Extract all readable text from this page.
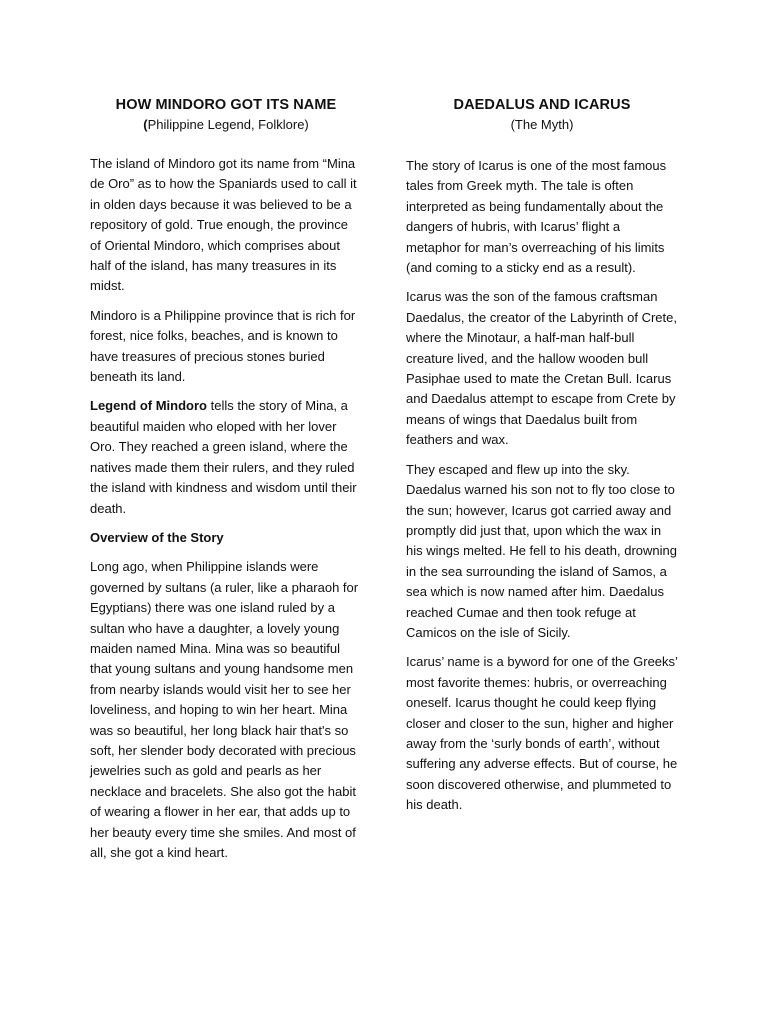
HOW MINDORO GOT ITS NAME

(Philippine Legend, Folklore)

The island of Mindoro got its name from “Mina de Oro” as to how the Spaniards used to call it in olden days because it was believed to be a repository of gold. True enough, the province of Oriental Mindoro, which comprises about half of the island, has many treasures in its midst.

Mindoro is a Philippine province that is rich for forest, nice folks, beaches, and is known to have treasures of precious stones buried beneath its land.

Legend of Mindoro tells the story of Mina, a beautiful maiden who eloped with her lover Oro. They reached a green island, where the natives made them their rulers, and they ruled the island with kindness and wisdom until their death.

Overview of the Story

Long ago, when Philippine islands were governed by sultans (a ruler, like a pharaoh for Egyptians) there was one island ruled by a sultan who have a daughter, a lovely young maiden named Mina. Mina was so beautiful that young sultans and young handsome men from nearby islands would visit her to see her loveliness, and hoping to win her heart. Mina was so beautiful, her long black hair that's so soft, her slender body decorated with precious jewelries such as gold and pearls as her necklace and bracelets. She also got the habit of wearing a flower in her ear, that adds up to her beauty every time she smiles. And most of all, she got a kind heart.

DAEDALUS AND ICARUS

(The Myth)

The story of Icarus is one of the most famous tales from Greek myth. The tale is often interpreted as being fundamentally about the dangers of hubris, with Icarus’ flight a metaphor for man’s overreaching of his limits (and coming to a sticky end as a result).

Icarus was the son of the famous craftsman Daedalus, the creator of the Labyrinth of Crete, where the Minotaur, a half-man half-bull creature lived, and the hallow wooden bull Pasiphae used to mate the Cretan Bull. Icarus and Daedalus attempt to escape from Crete by means of wings that Daedalus built from feathers and wax.

They escaped and flew up into the sky. Daedalus warned his son not to fly too close to the sun; however, Icarus got carried away and promptly did just that, upon which the wax in his wings melted. He fell to his death, drowning in the sea surrounding the island of Samos, a sea which is now named after him. Daedalus reached Cumae and then took refuge at Camicos on the isle of Sicily.

Icarus’ name is a byword for one of the Greeks’ most favorite themes: hubris, or overreaching oneself. Icarus thought he could keep flying closer and closer to the sun, higher and higher away from the ‘surly bonds of earth’, without suffering any adverse effects. But of course, he soon discovered otherwise, and plummeted to his death.
